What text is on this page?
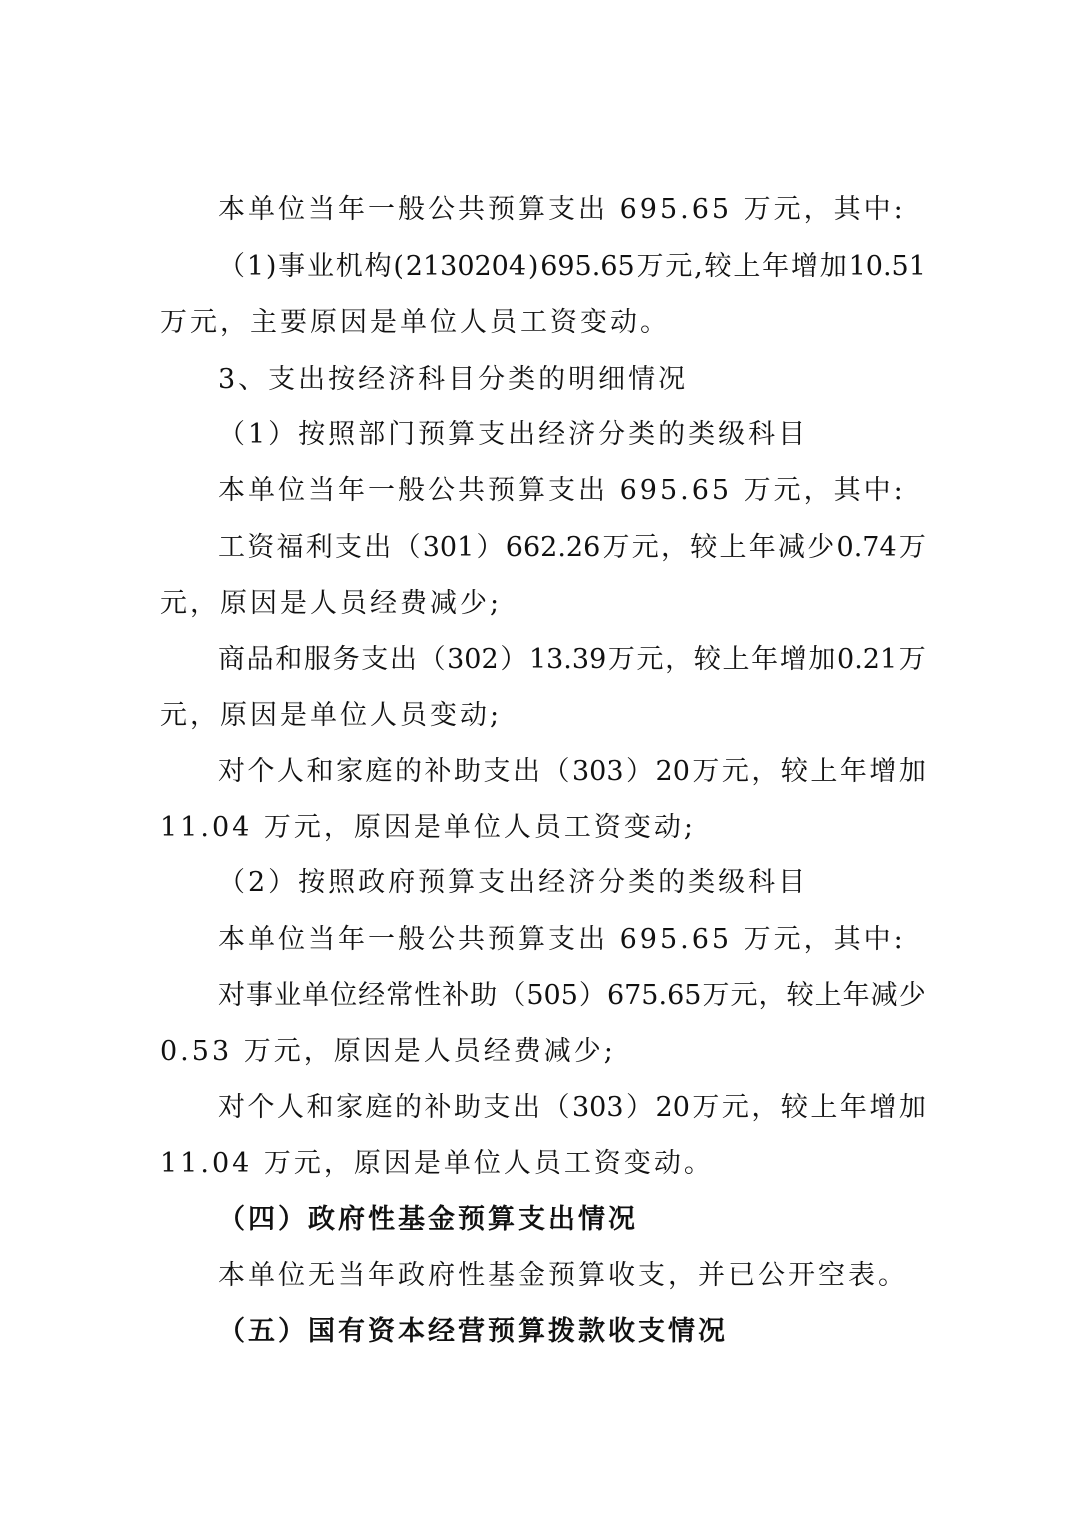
本单位当年一般公共预算支出 695.65 万元，其中:
（ 1 ) 事 业 机 构 ( 2130204 ) 695.65 万 元 , 较 上 年 增 加 10.51
万元，主要原因是单位人员工资变动。
3、支出按经济科目分类的明细情况
（1）按照部门预算支出经济分类的类级科目
本单位当年一般公共预算支出 695.65 万元，其中:
工 资 福 利 支 出 （ 301 ） 662.26 万 元 ， 较 上 年 减 少 0.74 万
元，原因是人员经费减少;
商 品 和 服 务 支 出 （ 302 ） 13.39 万 元 ， 较 上 年 增 加 0.21 万
元，原因是单位人员变动;
对 个 人 和 家 庭 的 补 助 支 出 （ 303 ） 20 万 元 ， 较 上 年 增 加
11.04 万元，原因是单位人员工资变动;
（2）按照政府预算支出经济分类的类级科目
本单位当年一般公共预算支出 695.65 万元，其中:
对 事 业 单 位 经 常 性 补 助 （ 505 ） 675.65 万 元 ， 较 上 年 减 少
0.53 万元，原因是人员经费减少;
对 个 人 和 家 庭 的 补 助 支 出 （ 303 ） 20 万 元 ， 较 上 年 增 加
11.04 万元，原因是单位人员工资变动。
（四）政府性基金预算支出情况
本单位无当年政府性基金预算收支，并已公开空表。
（五）国有资本经营预算拨款收支情况
